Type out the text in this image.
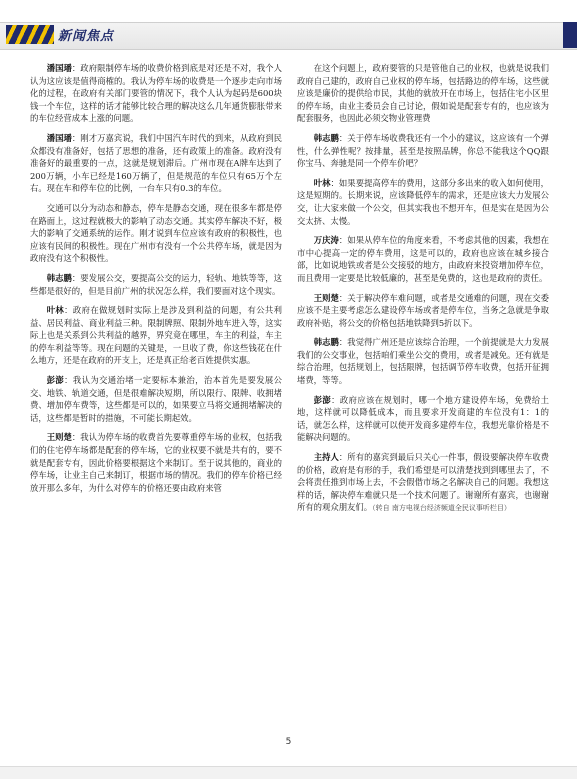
新闻焦点

潘国璠：政府限制停车场的收费价格到底是对还是不对，我个人认为这应该是值得商榷的。我认为停车场的收费是一个逐步走向市场化的过程，在政府有关部门要管的情况下，我个人认为起码是600块钱一个车位，这样的话才能够比较合理的解决这么几年通货膨胀带来的车位经营成本上涨的问题。

潘国璠：刚才万嘉宾说，我们中国汽车时代的到来，从政府到民众都没有准备好，包括了思想的准备，还有政策上的准备。政府没有准备好的最重要的一点，这就是规划滞后。广州市现在A牌车达到了200万辆，小车已经是160万辆了，但是规范的车位只有65万个左右。现在车和停车位的比例，一台车只有0.3的车位。

交通可以分为动态和静态，停车是静态交通，现在很多车都是停在路面上，这过程就极大的影响了动态交通。其实停车解决不好，极大的影响了交通系统的运作。刚才说到车位应该有政府的积极性，也应该有民间的积极性。现在广州市有没有一个公共停车场，就是因为政府没有这个积极性。

韩志鹏：要发展公交，要提高公交的运力，轻轨、地铁等等，这些都是很好的，但是目前广州的状况怎么样，我们要面对这个现实。

叶林：政府在做规划时实际上是涉及到利益的问题，有公共利益、居民利益、商业利益三种。限制牌照、限制外地车进入等，这实际上也是关系到公共利益的越界，界究竟在哪里，车主的利益，车主的停车利益等等。现在问题的关键是，一旦收了费，你这些钱花在什么地方，还是在政府的开支上，还是真正给老百姓提供实惠。

彭澎：我认为交通治堵一定要标本兼治，治本首先是要发展公交、地铁、轨道交通，但是很难解决短期，所以限行、限牌、收拥堵费、增加停车费等，这些都是可以的，如果要立马将交通拥堵解决的话，这些都是暂时的措施，不可能长期起效。

王则楚：我认为停车场的收费首先要尊重停车场的业权，包括我们的住宅停车场都是配套的停车场，它的业权要不就是共有的，要不就是配套专有，因此价格要根据这个来制订。至于说其他的，商业的停车场，让业主自己来制订，根据市场的情况。我们的停车价格已经放开那么多年，为什么对停车的价格还要由政府来管

在这个问题上，政府要管的只是管他自己的业权，也就是说我们政府自己建的，政府自己业权的停车场，包括路边的停车场，这些就应该是廉价的提供给市民，其他的就放开在市场上，包括住宅小区里的停车场，由业主委员会自己讨论，假如说是配套专有的，也应该为配套服务，也因此必须交物业管理费

韩志鹏：关于停车场收费我还有一个小的建议，这应该有一个弹性，什么弹性呢？按排量，甚至是按照品牌，你总不能我这个QQ跟你宝马、奔驰是同一个停车价吧？

叶林：如果要提高停车的费用，这部分多出来的收入如何使用，这是短期的。长期来说，应该降低停车的需求，还是应该大力发展公交，让大家来做一个公交，但其实我也不想开车，但是实在是因为公交太挤、太慢。

万庆涛：如果从停车位的角度来看，不考虑其他的因素，我想在市中心提高一定的停车费用，这是可以的，政府也应该在城乡接合部，比如说地铁或者是公交接驳的地方，由政府来投资增加停车位，而且费用一定要是比较低廉的，甚至是免费的，这也是政府的责任。

王则楚：关于解决停车难问题，或者是交通难的问题，现在交委应该不是主要考虑怎么建设停车场或者是停车位，当务之急就是争取政府补贴，将公交的价格包括地铁降到5折以下。

韩志鹏：我觉得广州还是应该综合治理，一个前提就是大力发展我们的公交事业，包括咱们乘坐公交的费用，或者是减免。还有就是综合治理，包括规划上，包括限牌，包括调节停车收费，包括开征拥堵费，等等。

彭澎：政府应该在规划时，哪一个地方建设停车场，免费给土地，这样就可以降低成本，而且要求开发商建的车位没有1：1的话，就怎么样，这样就可以使开发商多建停车位，我想光靠价格是不能解决问题的。

主持人：所有的嘉宾到最后只关心一件事，假设要解决停车收费的价格，政府是有形的手，我们希望是可以清楚找到到哪里去了，不会将责任推到市场上去，不会假借市场之名解决自己的问题。我想这样的话，解决停车难就只是一个技术问题了。谢谢所有嘉宾，也谢谢所有的观众朋友们。（转自 南方电视台经济频道全民议事听栏目）

5
